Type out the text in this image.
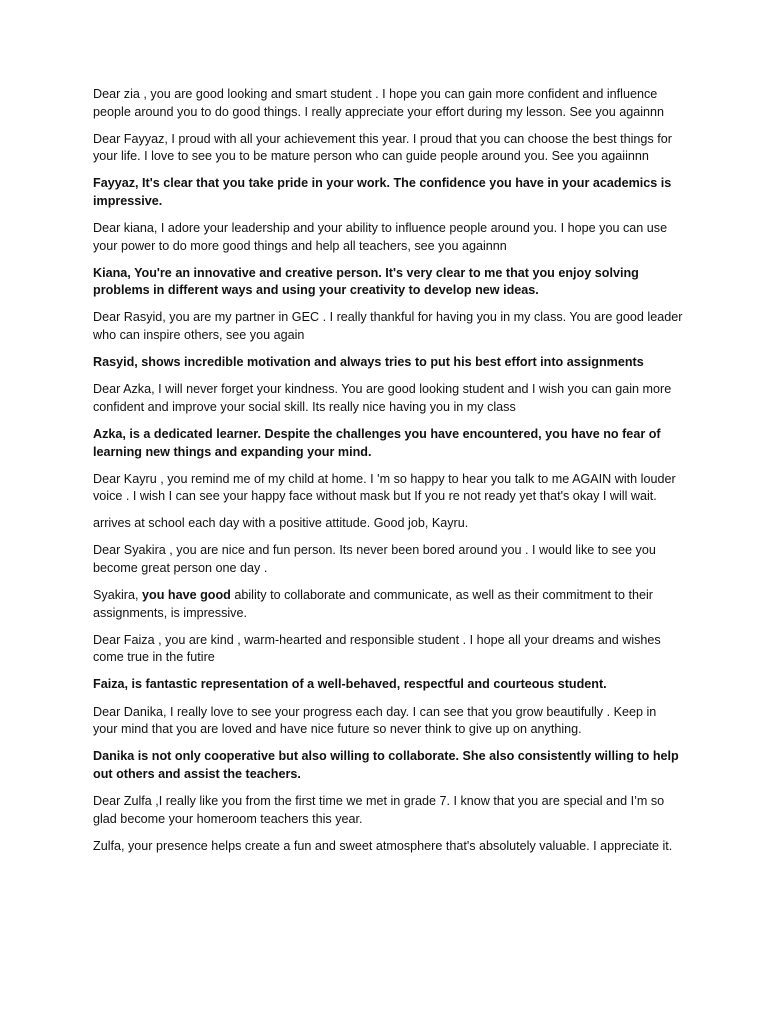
Dear zia , you are good looking and smart student . I hope you can gain more confident and influence people around you to do good things. I really appreciate your effort during my lesson. See you againnn

Dear Fayyaz, I proud with all your achievement this year. I proud that you can choose the best things for your life. I love to see you to be mature person who can guide people around you. See you agaiinnn

Fayyaz, It's clear that you take pride in your work. The confidence you have in your academics is impressive.

Dear kiana, I adore your leadership and your ability to influence people around you. I hope you can use your power to do more good things and help all teachers, see you againnn

Kiana, You're an innovative and creative person. It's very clear to me that you enjoy solving problems in different ways and using your creativity to develop new ideas.

Dear Rasyid, you are my partner in GEC . I really thankful for having you in my class. You are good leader who can inspire others, see you again

Rasyid, shows incredible motivation and always tries to put his best effort into assignments

Dear Azka, I will never forget your kindness. You are good looking student and I wish you can gain more confident and improve your social skill. Its really nice having you in my class

Azka, is a dedicated learner. Despite the challenges you have encountered, you have no fear of learning new things and expanding your mind.

Dear Kayru , you remind me of my child at home. I 'm so happy to hear you talk to me AGAIN with louder voice . I wish I can see your happy face without mask but If you re not ready yet that's okay I will wait.

arrives at school each day with a positive attitude. Good job, Kayru.

Dear Syakira , you are nice and fun person. Its never been bored around you . I would like to see you become great person one day .

Syakira, you have good ability to collaborate and communicate, as well as their commitment to their assignments, is impressive.

Dear Faiza , you are kind , warm-hearted and responsible student . I hope all your dreams and wishes come true in the futire

Faiza, is fantastic representation of a well-behaved, respectful and courteous student.

Dear Danika, I really love to see your progress each day. I can see that you grow beautifully . Keep in your mind that you are loved and have nice future so never think to give up on anything.

Danika is not only cooperative but also willing to collaborate. She also consistently willing to help out others and assist the teachers.

Dear Zulfa ,I really like you from the first time we met in grade 7. I know that you are special and I’m so glad become your homeroom teachers this year.

Zulfa, your presence helps create a fun and sweet atmosphere that's absolutely valuable. I appreciate it.
